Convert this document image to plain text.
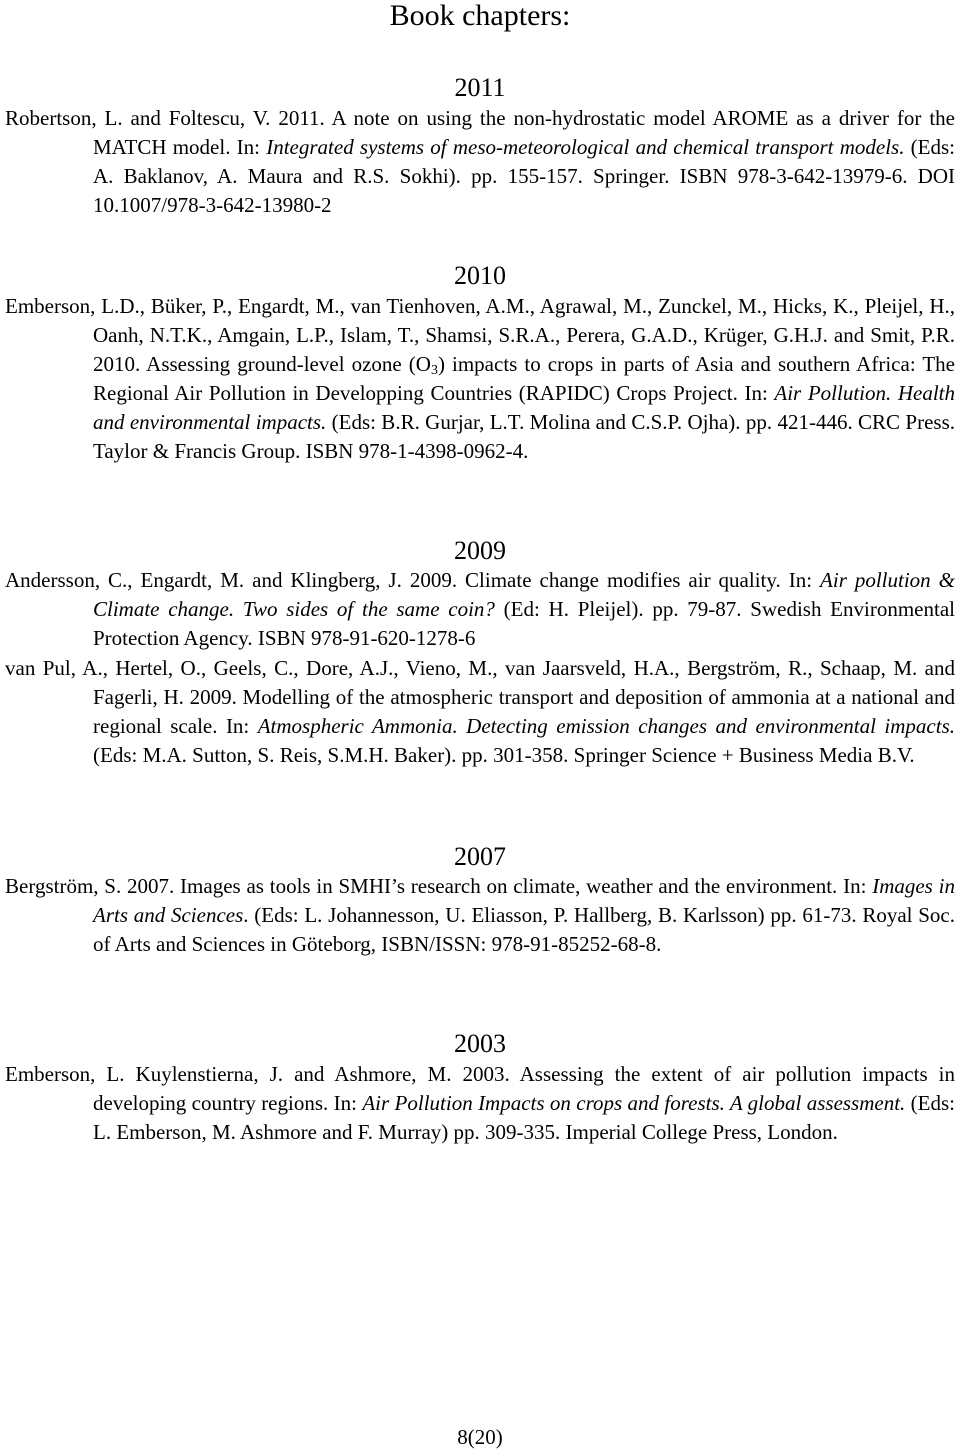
Book chapters:
2011
Robertson, L. and Foltescu, V. 2011. A note on using the non-hydrostatic model AROME as a driver for the MATCH model. In: Integrated systems of meso-meteorological and chemical transport models. (Eds: A. Baklanov, A. Maura and R.S. Sokhi). pp. 155-157. Springer. ISBN 978-3-642-13979-6. DOI 10.1007/978-3-642-13980-2
2010
Emberson, L.D., Büker, P., Engardt, M., van Tienhoven, A.M., Agrawal, M., Zunckel, M., Hicks, K., Pleijel, H., Oanh, N.T.K., Amgain, L.P., Islam, T., Shamsi, S.R.A., Perera, G.A.D., Krüger, G.H.J. and Smit, P.R. 2010. Assessing ground-level ozone $(O_3)$ impacts to crops in parts of Asia and southern Africa: The Regional Air Pollution in Developping Countries (RAPIDC) Crops Project. In: Air Pollution. Health and environmental impacts. (Eds: B.R. Gurjar, L.T. Molina and C.S.P. Ojha). pp. 421-446. CRC Press. Taylor & Francis Group. ISBN 978-1-4398-0962-4.
2009
Andersson, C., Engardt, M. and Klingberg, J. 2009. Climate change modifies air quality. In: Air pollution & Climate change. Two sides of the same coin? (Ed: H. Pleijel). pp. 79-87. Swedish Environmental Protection Agency. ISBN 978-91-620-1278-6
van Pul, A., Hertel, O., Geels, C., Dore, A.J., Vieno, M., van Jaarsveld, H.A., Bergström, R., Schaap, M. and Fagerli, H. 2009. Modelling of the atmospheric transport and deposition of ammonia at a national and regional scale. In: Atmospheric Ammonia. Detecting emission changes and environmental impacts. (Eds: M.A. Sutton, S. Reis, S.M.H. Baker). pp. 301-358. Springer Science + Business Media B.V.
2007
Bergström, S. 2007. Images as tools in SMHI’s research on climate, weather and the environment. In: Images in Arts and Sciences. (Eds: L. Johannesson, U. Eliasson, P. Hallberg, B. Karlsson) pp. 61-73. Royal Soc. of Arts and Sciences in Göteborg, ISBN/ISSN: 978-91-85252-68-8.
2003
Emberson, L. Kuylenstierna, J. and Ashmore, M. 2003. Assessing the extent of air pollution impacts in developing country regions. In: Air Pollution Impacts on crops and forests. A global assessment. (Eds: L. Emberson, M. Ashmore and F. Murray) pp. 309-335. Imperial College Press, London.
8(20)
